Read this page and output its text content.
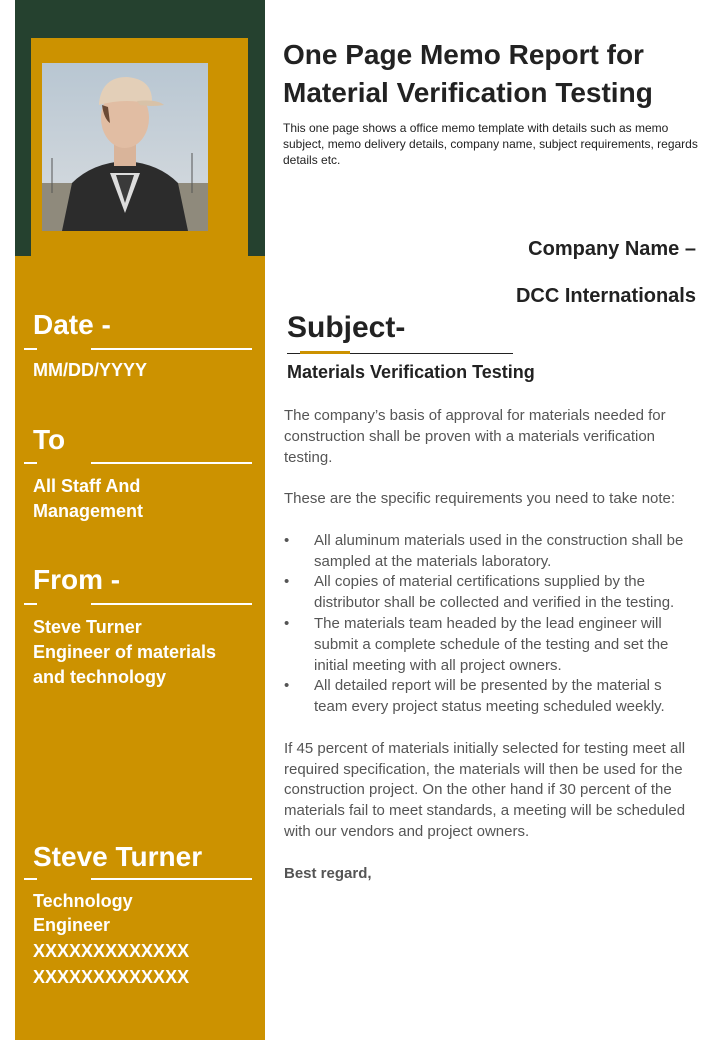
Date -
MM/DD/YYYY
To
All Staff And
Management
From -
Steve Turner
Engineer of materials
and technology
Steve Turner
Technology
Engineer
XXXXXXXXXXXXX
XXXXXXXXXXXXX
One Page Memo Report for Material Verification Testing
This one page shows a office memo template with details such as memo subject, memo delivery details, company name, subject requirements, regards details etc.
Company Name –
DCC Internationals
Subject-
Materials Verification Testing

The company’s basis of approval for materials needed for construction shall be proven with a materials verification testing.

These are the specific requirements you need to take note:

• All aluminum materials used in the construction shall be sampled at the materials laboratory.
• All copies of material certifications supplied by the distributor shall be collected and verified in the testing.
• The materials team headed by the lead engineer will submit a complete schedule of the testing and set the initial meeting with all project owners.
• All detailed report will be presented by the material s team every project status meeting scheduled weekly.

If 45 percent of materials initially selected for testing meet all required specification, the materials will then be used for the construction project. On the other hand if 30 percent of the materials fail to meet standards, a meeting will be scheduled with our vendors and project owners.

Best regard,
